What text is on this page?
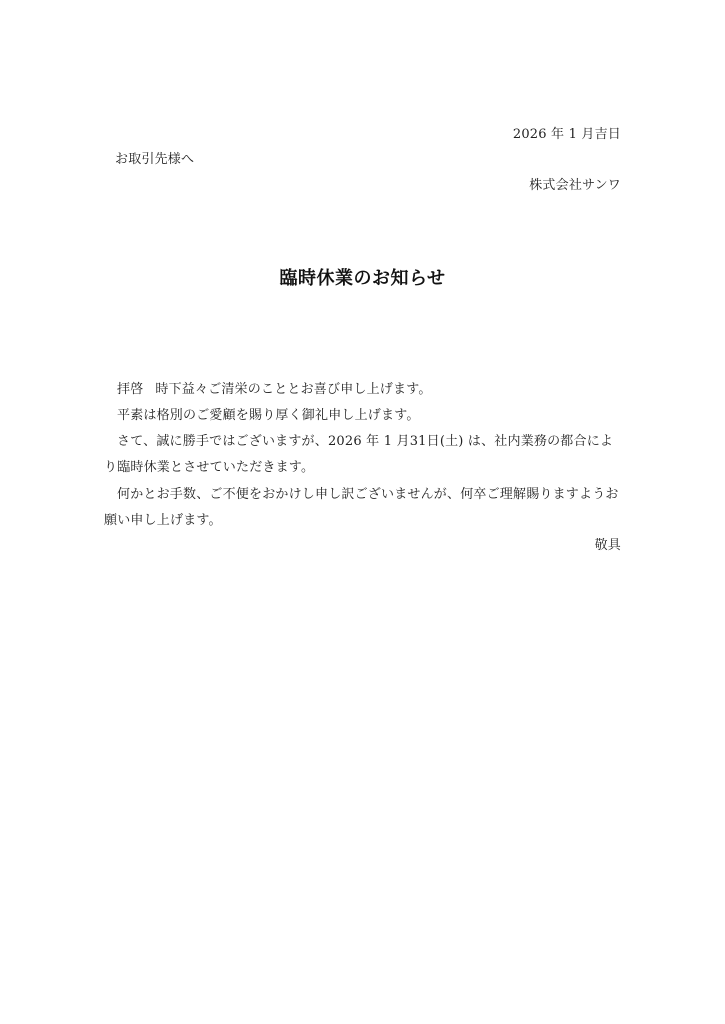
2026 年 1 月吉日
お取引先様へ
株式会社サンワ
臨時休業のお知らせ
拝啓 時下益々ご清栄のこととお喜び申し上げます。
平素は格別のご愛顧を賜り厚く御礼申し上げます。
さて、誠に勝手ではございますが、2026 年 1 月31日(土) は、社内業務の都合によ
り臨時休業とさせていただきます。
何かとお手数、ご不便をおかけし申し訳ございませんが、何卒ご理解賜りますようお
願い申し上げます。
敬具
